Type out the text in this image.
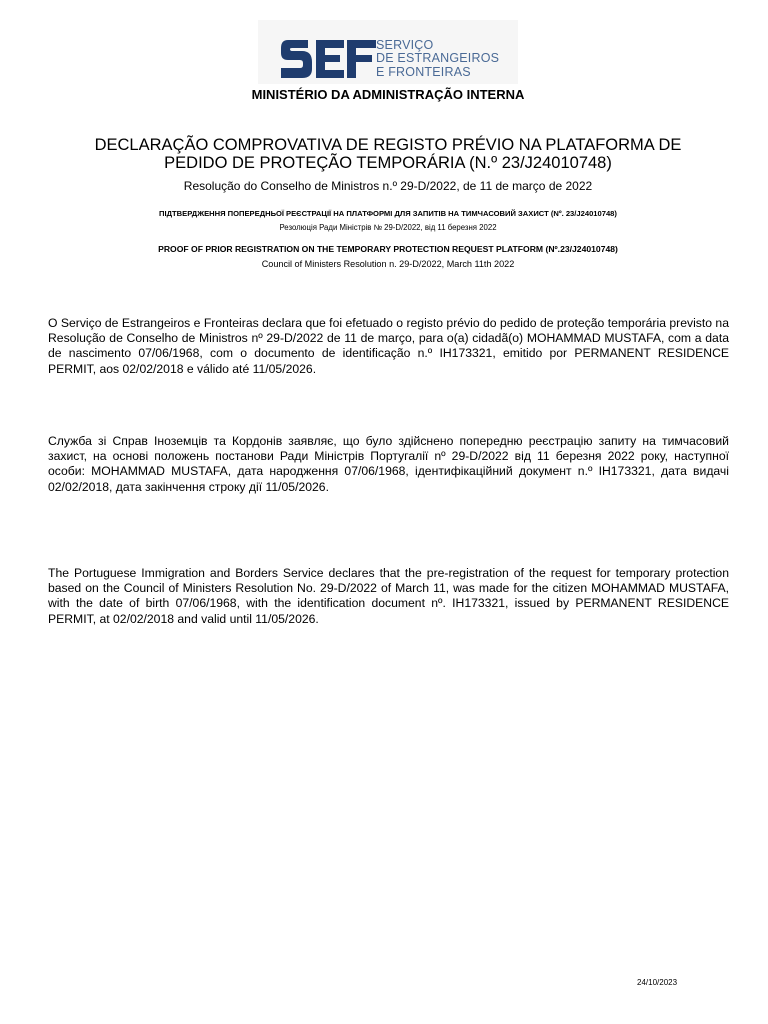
SERVIÇO
DE ESTRANGEIROS
E FRONTEIRAS
MINISTÉRIO DA ADMINISTRAÇÃO INTERNA
DECLARAÇÃO COMPROVATIVA DE REGISTO PRÉVIO NA PLATAFORMA DE
PEDIDO DE PROTEÇÃO TEMPORÁRIA (N.º 23/J24010748)
Resolução do Conselho de Ministros n.º 29-D/2022, de 11 de março de 2022
ПІДТВЕРДЖЕННЯ ПОПЕРЕДНЬОЇ РЕЄСТРАЦІЇ НА ПЛАТФОРМІ ДЛЯ ЗАПИТІВ НА ТИМЧАСОВИЙ ЗАХИСТ (Nº. 23/J24010748)
Резолюція Ради Міністрів № 29-D/2022, від 11 березня 2022
PROOF OF PRIOR REGISTRATION ON THE TEMPORARY PROTECTION REQUEST PLATFORM (Nº.23/J24010748)
Council of Ministers Resolution n. 29-D/2022, March 11th 2022

O Serviço de Estrangeiros e Fronteiras declara que foi efetuado o registo prévio do pedido de proteção temporária previsto na Resolução de Conselho de Ministros nº 29-D/2022 de 11 de março, para o(a) cidadã(o) MOHAMMAD MUSTAFA, com a data de nascimento 07/06/1968, com o documento de identificação n.º IH173321, emitido por PERMANENT RESIDENCE PERMIT, aos 02/02/2018 e válido até 11/05/2026.

Служба зі Справ Іноземців та Кордонів заявляє, що було здійснено попередню реєстрацію запиту на тимчасовий захист, на основі положень постанови Ради Міністрів Португалії nº 29-D/2022 від 11 березня 2022 року, наступної особи: MOHAMMAD MUSTAFA, дата народження 07/06/1968, ідентифікаційний документ n.º IH173321, дата видачі 02/02/2018, дата закінчення строку дії 11/05/2026.

The Portuguese Immigration and Borders Service declares that the pre-registration of the request for temporary protection based on the Council of Ministers Resolution No. 29-D/2022 of March 11, was made for the citizen MOHAMMAD MUSTAFA, with the date of birth 07/06/1968, with the identification document nº. IH173321, issued by PERMANENT RESIDENCE PERMIT, at 02/02/2018 and valid until 11/05/2026.

24/10/2023
